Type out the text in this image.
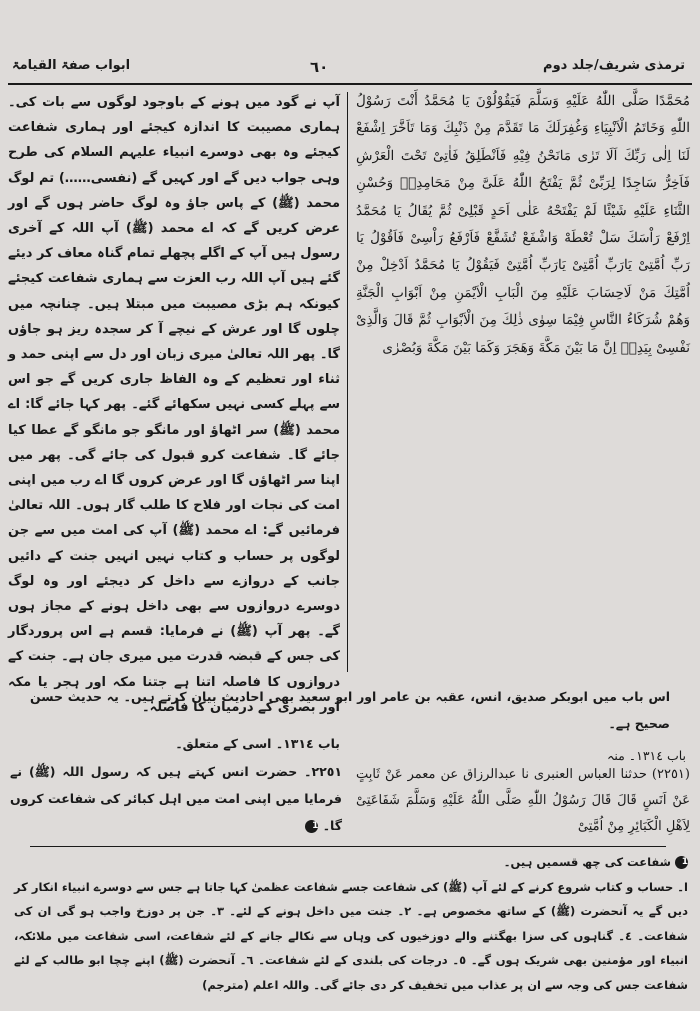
ترمذی شریف/جلد دوم
٦٠
ابواب صفۃ القیامۃ

مُحَمَّدًا صَلَّى اللّٰهُ عَلَيْهِ وَسَلَّمَ فَيَقُوْلُوْنَ يَا مُحَمَّدُ أَنْتَ رَسُوْلُ اللّٰهِ وَخَاتَمُ الْاَنْبِيَاءِ وَغُفِرَلَكَ مَا تَقَدَّمَ مِنْ ذَنْبِكَ وَمَا تَاَخَّرَ اِشْفَعْ لَنَا اِلٰى رَبِّكَ اَلَا تَرٰى مَانَحْنُ فِيْهِ فَاَنْطَلِقُ فَاٰتِىْ تَحْتَ الْعَرْشِ فَاَخِرُّ سَاجِدًا لِرَبِّىْ ثُمَّ يَفْتَحُ اللّٰهُ عَلَىَّ مِنْ مَحَامِدِهٖ وَحُسْنِ الثَّنَاءِ عَلَيْهِ شَيْئًا لَمْ يَفْتَحْهُ عَلٰى اَحَدٍ قَبْلِىْ ثُمَّ يُقَالُ يَا مُحَمَّدُ اِرْفَعْ رَاْسَكَ سَلْ تُعْطَهْ وَاشْفَعْ تُشَفَّعْ فَاَرْفَعُ رَاْسِىْ فَاَقُوْلُ يَا رَبِّ اُمَّتِىْ يَارَبِّ اُمَّتِىْ يَارَبِّ اُمَّتِىْ فَيَقُوْلُ يَا مُحَمَّدُ اَدْخِلْ مِنْ اُمَّتِكَ مَنْ لَاحِسَابَ عَلَيْهِ مِنَ الْبَابِ الْاَيْمَنِ مِنْ اَبْوَابِ الْجَنَّةِ وَهُمْ شُرَكَاءُ النَّاسِ فِيْمَا سِوٰى ذٰلِكَ مِنَ الْاَبْوَابِ ثُمَّ قَالَ وَالَّذِىْ نَفْسِىْ بِيَدِهٖ اِنَّ مَا بَيْنَ مَكَّةَ وَهَجَرَ وَكَمَا بَيْنَ مَكَّةَ وَبُصْرٰى

آپ نے گود میں ہونے کے باوجود لوگوں سے بات کی۔ ہماری مصیبت کا اندازہ کیجئے اور ہماری شفاعت کیجئے وہ بھی دوسرے انبیاء علیہم السلام کی طرح وہی جواب دیں گے اور کہیں گے (نفسی……) تم لوگ محمد (ﷺ) کے پاس جاؤ وہ لوگ حاضر ہوں گے اور عرض کریں گے کہ اے محمد (ﷺ) آپ اللہ کے آخری رسول ہیں آپ کے اگلے پچھلے تمام گناہ معاف کر دیئے گئے ہیں آپ اللہ رب العزت سے ہماری شفاعت کیجئے کیونکہ ہم بڑی مصیبت میں مبتلا ہیں۔ چنانچہ میں چلوں گا اور عرش کے نیچے آ کر سجدہ ریز ہو جاؤں گا۔ پھر اللہ تعالیٰ میری زبان اور دل سے اپنی حمد و ثناء اور تعظیم کے وہ الفاظ جاری کریں گے جو اس سے پہلے کسی نہیں سکھائے گئے۔ پھر کہا جائے گا: اے محمد (ﷺ) سر اٹھاؤ اور مانگو جو مانگو گے عطا کیا جائے گا۔ شفاعت کرو قبول کی جائے گی۔ پھر میں اپنا سر اٹھاؤں گا اور عرض کروں گا اے رب میں اپنی امت کی نجات اور فلاح کا طلب گار ہوں۔ اللہ تعالیٰ فرمائیں گے: اے محمد (ﷺ) آپ کی امت میں سے جن لوگوں پر حساب و کتاب نہیں انہیں جنت کے دائیں جانب کے دروازے سے داخل کر دیجئے اور وہ لوگ دوسرے دروازوں سے بھی داخل ہونے کے مجاز ہوں گے۔ پھر آپ (ﷺ) نے فرمایا: قسم ہے اس پروردگار کی جس کے قبضہ قدرت میں میری جان ہے۔ جنت کے دروازوں کا فاصلہ اتنا ہے جتنا مکہ اور ہجر یا مکہ اور بصری کے درمیان کا فاصلہ۔

اس باب میں ابوبکر صدیق، انس، عقبہ بن عامر اور ابو سعید بھی احادیث بیان کرتے ہیں۔ یہ حدیث حسن صحیح ہے۔
باب ١٣١٤۔ منہ
باب ١٣١٤۔ اسی کے متعلق۔
(٢٢٥١) حدثنا العباس العنبرى نا عبدالرزاق عن معمر عَنْ ثَابِتٍ عَنْ اَنَسٍ قَالَ قَالَ رَسُوْلُ اللّٰهِ صَلَّى اللّٰهُ عَلَيْهِ وَسَلَّمَ شَفَاعَتِىْ لِاَهْلِ الْكَبَائِرِ مِنْ اُمَّتِىْ
٢٢٥١۔ حضرت انس کہتے ہیں کہ رسول اللہ (ﷺ) نے فرمایا میں اپنی امت میں اہل کبائر کی شفاعت کروں گا۔ 1

1 شفاعت کی چھ قسمیں ہیں۔

ا۔ حساب و کتاب شروع کرنے کے لئے آپ (ﷺ) کی شفاعت جسے شفاعت عظمیٰ کہا جاتا ہے جس سے دوسرے انبیاء انکار کر دیں گے یہ آنحضرت (ﷺ) کے ساتھ مخصوص ہے۔ ٢۔ جنت میں داخل ہونے کے لئے۔ ٣۔ جن پر دوزخ واجب ہو گی ان کی شفاعت۔ ٤۔ گناہوں کی سزا بھگتنے والے دوزخیوں کی وہاں سے نکالے جانے کے لئے شفاعت، اسی شفاعت میں ملائکہ، انبیاء اور مؤمنین بھی شریک ہوں گے۔ ٥۔ درجات کی بلندی کے لئے شفاعت۔ ٦۔ آنحضرت (ﷺ) اپنے چچا ابو طالب کے لئے شفاعت جس کی وجہ سے ان پر عذاب میں تخفیف کر دی جائے گی۔ واللہ اعلم (مترجم)
